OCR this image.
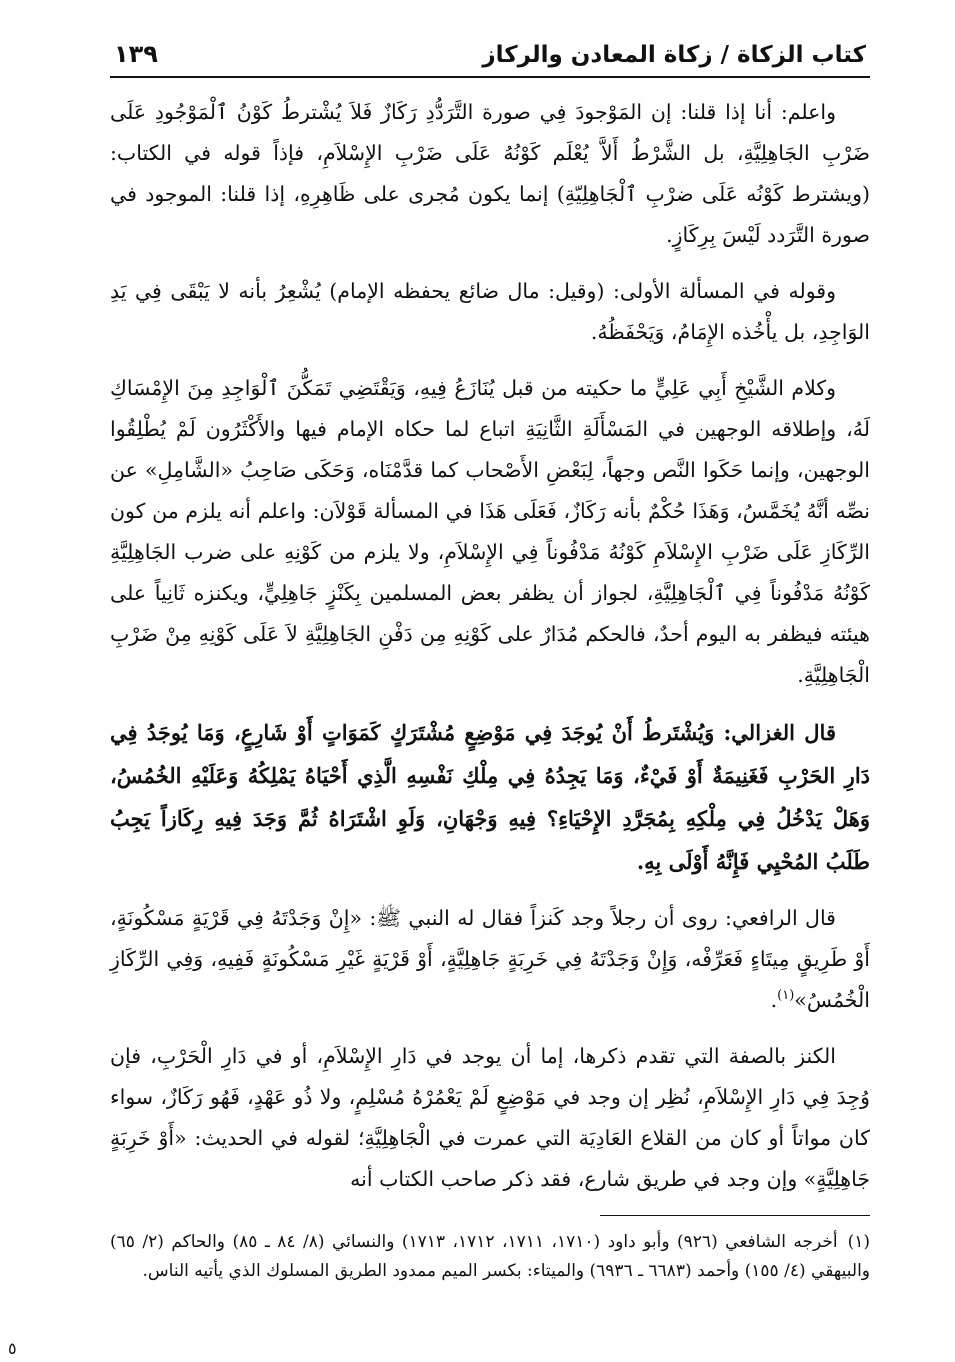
كتاب الزكاة / زكاة المعادن والركاز
١٣٩

واعلم: أنا إذا قلنا: إن المَوْجودَ فِي صورة التَّرَدُّدِ رَكَازٌ فَلاَ يُشْترطُ كَوْنُ ٱلْمَوْجُودِ عَلَى ضَرْبِ الجَاهِلِيَّةِ، بل الشَّرْطُ أَلاَّ يُعْلَم كَوْنُهُ عَلَى ضَرْبِ الإِسْلاَمِ، فإذاً قوله في الكتاب: (ويشترط كَوْنُه عَلَى ضرْبِ ٱلْجَاهِلِيّةِ) إنما يكون مُجرى على ظَاهِرِهِ، إذا قلنا: الموجود في صورة التَّرَدد لَيْسَ بِرِكَازٍ.

وقوله في المسألة الأولى: (وقيل: مال ضائع يحفظه الإمام) يُشْعِرُ بأنه لا يَبْقَى فِي يَدِ الوَاجِدِ، بل يأْخُذه الإِمَامُ، وَيَحْفَظُهُ.

وكلام الشَّيْخِ أَبِي عَلِيٍّ ما حكيته من قبل يُنَازَعُ فِيهِ، وَيَقْتَضِي تَمَكُّنَ ٱلْوَاجِدِ مِنَ الإِمْسَاكِ لَهُ، وإطلاقه الوجهين في المَسْأَلَةِ الثَّانِيَةِ اتباع لما حكاه الإمام فيها والأَكْثَرُون لَمْ يُطْلِقُوا الوجهين، وإنما حَكَوا النَّص وجهاً، لِبَعْضِ الأَصْحاب كما قدَّمْنَاه، وَحَكَى صَاحِبُ «الشَّامِلِ» عن نصِّه أنَّهُ يُخَمَّسُ، وَهَذَا حُكْمٌ بأنه رَكَازٌ، فَعَلَى هَذَا في المسألة قَوْلاَن: واعلم أنه يلزم من كون الرِّكَازِ عَلَى ضَرْبِ الإِسْلاَمِ كَوْنُهُ مَدْفُوناً فِي الإِسْلاَمِ، ولا يلزم من كَوْنِهِ على ضرب الجَاهِلِيَّةِ كَوْنُهُ مَدْفُوناً فِي ٱلْجَاهِلِيَّةِ، لجواز أن يظفر بعض المسلمين بِكَنْزٍ جَاهِلِيٍّ، ويكنزه ثَانِياً على هيئته فيظفر به اليوم أحدٌ، فالحكم مُدَارٌ على كَوْنِهِ مِن دَفْنِ الجَاهِلِيَّةِ لاَ عَلَى كَوْنِهِ مِنْ ضَرْبِ الْجَاهِلِيَّةِ.

قال الغزالي: وَيُشْتَرطُ أَنْ يُوجَدَ فِي مَوْضِعٍ مُشْتَرَكٍ كَمَوَاتٍ أَوْ شَارِعٍ، وَمَا يُوجَدُ فِي دَارِ الحَرْبِ فَغَنِيمَةٌ أَوْ فَيْءٌ، وَمَا يَجِدُهُ فِي مِلْكِ نَفْسِهِ الَّذِي أَحْيَاهُ يَمْلِكُهُ وَعَلَيْهِ الخُمُسُ، وَهَلْ يَدْخُلُ فِي مِلْكِهِ بِمُجَرَّدِ الإِحْيَاءِ؟ فِيهِ وَجْهَانِ، وَلَوِ اشْتَرَاهُ ثُمَّ وَجَدَ فِيهِ رِكَازاً يَجِبُ طَلَبُ المُحْيِي فَإِنَّهُ أَوْلَى بِهِ.

قال الرافعي: روى أن رجلاً وجد كَنزاً فقال له النبي ﷺ: «إِنْ وَجَدْتَهُ فِي قَرْيَةٍ مَسْكُونَةٍ، أَوْ طَرِيقٍ مِيتَاءٍ فَعَرِّفْه، وَإِنْ وَجَدْتَهُ فِي خَرِبَةٍ جَاهِلِيَّةٍ، أَوْ قَرْيَةٍ غَيْرِ مَسْكُونَةٍ فَفِيهِ، وَفِي الرِّكَازِ الْخُمُسُ»$^{(١)}$.

الكنز بالصفة التي تقدم ذكرها، إما أن يوجد في دَارِ الإِسْلاَمِ، أو في دَارِ الْحَرْبِ، فإن وُجِدَ فِي دَارِ الإِسْلاَمِ، نُظِر إن وجد في مَوْضِعٍ لَمْ يَعْمُرْهُ مُسْلِمٍ، ولا ذُو عَهْدٍ، فَهُو رَكَازٌ، سواء كان مواتاً أو كان من القلاع العَادِيَة التي عمرت في الْجَاهِلِيَّةِ؛ لقوله في الحديث: «أَوْ خَرِبَةٍ جَاهِلِيَّةٍ» وإن وجد في طريق شارع، فقد ذكر صاحب الكتاب أنه

(١)أخرجه الشافعي (٩٢٦) وأبو داود (١٧١٠، ١٧١١، ١٧١٢، ١٧١٣) والنسائي (٨/ ٨٤ ـ ٨٥) والحاكم (٢/ ٦٥) والبيهقي (٤/ ١٥٥) وأحمد (٦٦٨٣ ـ ٦٩٣٦) والميتاء: بكسر الميم ممدود الطريق المسلوك الذي يأتيه الناس.
٥
